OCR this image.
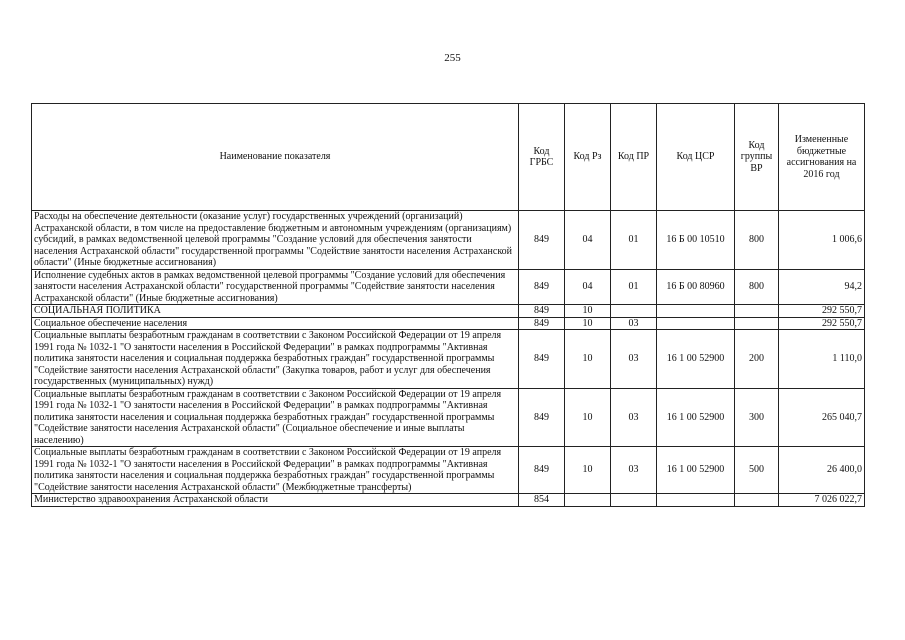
255
Наименование показателя	Код ГРБС	Код Рз	Код ПР	Код ЦСР	Код группы ВР	Измененные бюджетные ассигнования на 2016 год
Расходы на обеспечение деятельности (оказание услуг) государственных учреждений (организаций) Астраханской области, в том числе на предоставление бюджетным и автономным учреждениям (организациям) субсидий, в рамках ведомственной целевой программы "Создание условий для обеспечения занятости населения Астраханской области" государственной программы "Содействие занятости населения Астраханской области" (Иные бюджетные ассигнования)	849	04	01	16 Б 00 10510	800	1 006,6
Исполнение судебных актов в рамках ведомственной целевой программы "Создание условий для обеспечения занятости населения Астраханской области" государственной программы "Содействие занятости населения Астраханской области" (Иные бюджетные ассигнования)	849	04	01	16 Б 00 80960	800	94,2
СОЦИАЛЬНАЯ ПОЛИТИКА	849	10				292 550,7
Социальное обеспечение населения	849	10	03			292 550,7
Социальные выплаты безработным гражданам в соответствии с Законом Российской Федерации от 19 апреля 1991 года № 1032-1 "О занятости населения в Российской Федерации" в рамках подпрограммы "Активная политика занятости населения и социальная поддержка безработных граждан" государственной программы "Содействие занятости населения Астраханской области" (Закупка товаров, работ и услуг для обеспечения государственных (муниципальных) нужд)	849	10	03	16 1 00 52900	200	1 110,0
Социальные выплаты безработным гражданам в соответствии с Законом Российской Федерации от 19 апреля 1991 года № 1032-1 "О занятости населения в Российской Федерации" в рамках подпрограммы "Активная политика занятости населения и социальная поддержка безработных граждан" государственной программы "Содействие занятости населения Астраханской области" (Социальное обеспечение и иные выплаты населению)	849	10	03	16 1 00 52900	300	265 040,7
Социальные выплаты безработным гражданам в соответствии с Законом Российской Федерации от 19 апреля 1991 года № 1032-1 "О занятости населения в Российской Федерации" в рамках подпрограммы "Активная политика занятости населения и социальная поддержка безработных граждан" государственной программы "Содействие занятости населения Астраханской области" (Межбюджетные трансферты)	849	10	03	16 1 00 52900	500	26 400,0
Министерство здравоохранения Астраханской области	854					7 026 022,7
